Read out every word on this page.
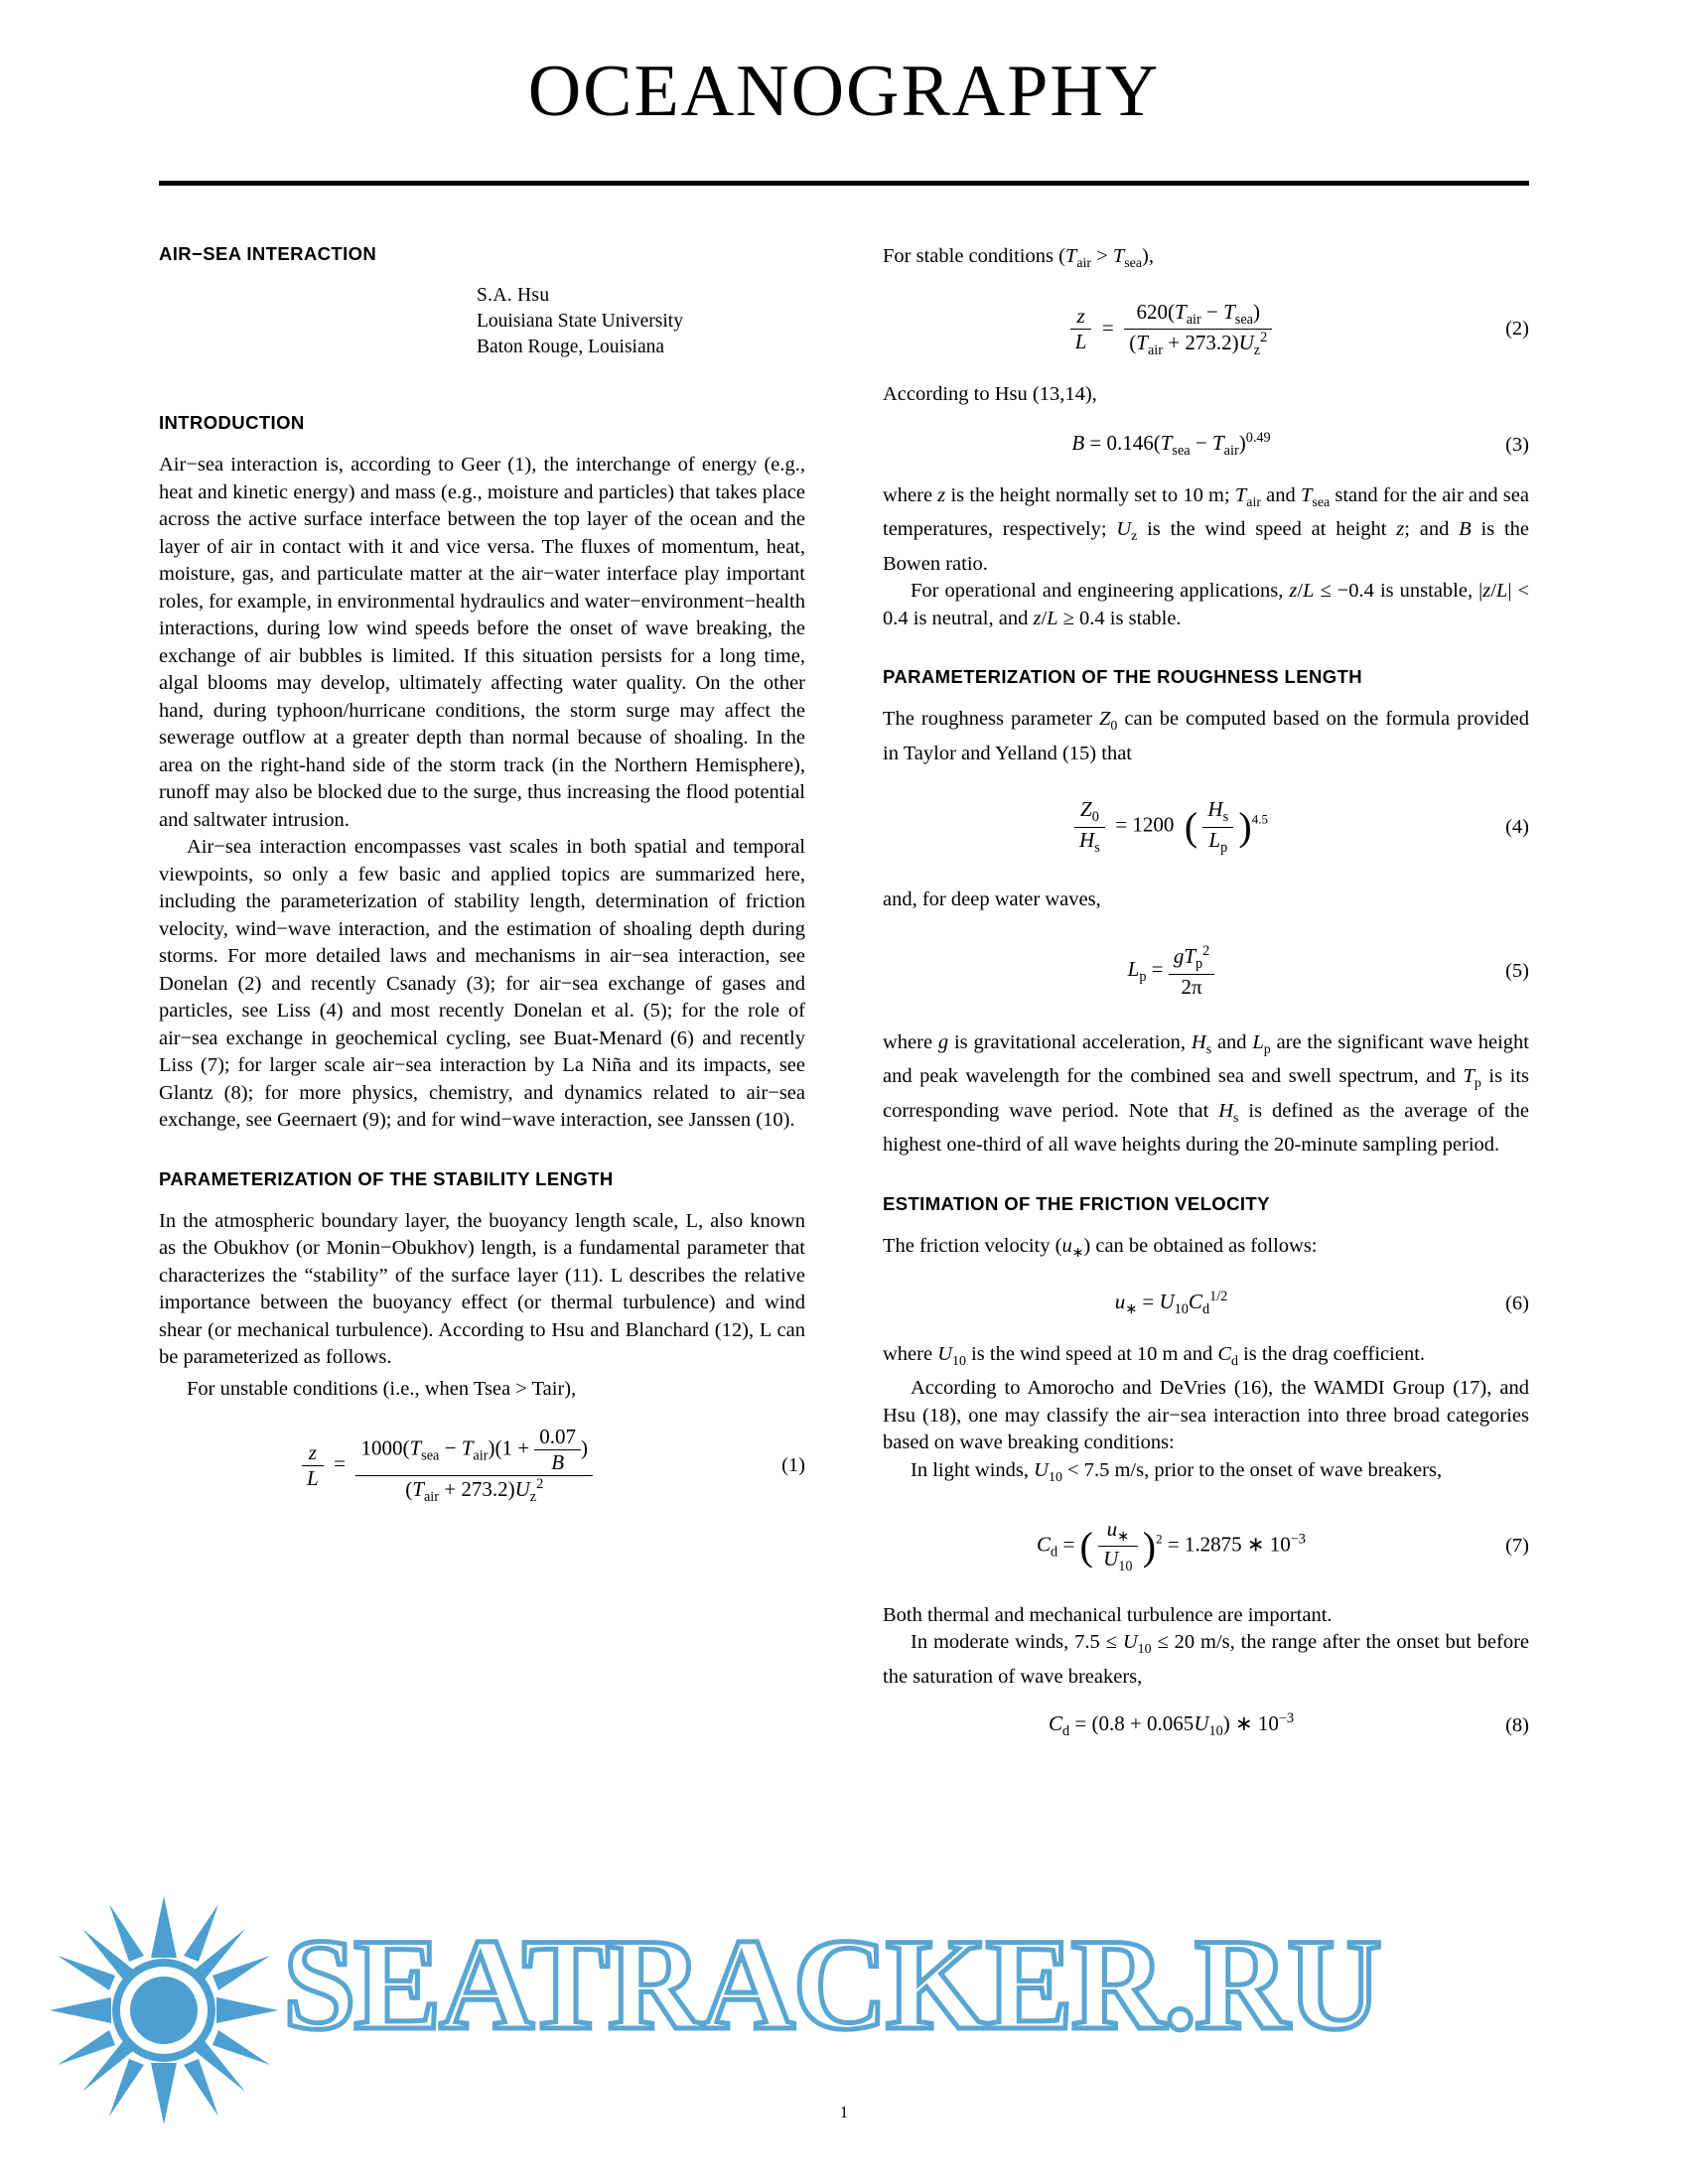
OCEANOGRAPHY
AIR−SEA INTERACTION
S.A. Hsu
Louisiana State University
Baton Rouge, Louisiana
INTRODUCTION

Air−sea interaction is, according to Geer (1), the interchange of energy (e.g., heat and kinetic energy) and mass (e.g., moisture and particles) that takes place across the active surface interface between the top layer of the ocean and the layer of air in contact with it and vice versa. The fluxes of momentum, heat, moisture, gas, and particulate matter at the air−water interface play important roles, for example, in environmental hydraulics and water−environment−health interactions, during low wind speeds before the onset of wave breaking, the exchange of air bubbles is limited. If this situation persists for a long time, algal blooms may develop, ultimately affecting water quality. On the other hand, during typhoon/hurricane conditions, the storm surge may affect the sewerage outflow at a greater depth than normal because of shoaling. In the area on the right-hand side of the storm track (in the Northern Hemisphere), runoff may also be blocked due to the surge, thus increasing the flood potential and saltwater intrusion.

Air−sea interaction encompasses vast scales in both spatial and temporal viewpoints, so only a few basic and applied topics are summarized here, including the parameterization of stability length, determination of friction velocity, wind−wave interaction, and the estimation of shoaling depth during storms. For more detailed laws and mechanisms in air−sea interaction, see Donelan (2) and recently Csanady (3); for air−sea exchange of gases and particles, see Liss (4) and most recently Donelan et al. (5); for the role of air−sea exchange in geochemical cycling, see Buat-Menard (6) and recently Liss (7); for larger scale air−sea interaction by La Niña and its impacts, see Glantz (8); for more physics, chemistry, and dynamics related to air−sea exchange, see Geernaert (9); and for wind−wave interaction, see Janssen (10).

PARAMETERIZATION OF THE STABILITY LENGTH

In the atmospheric boundary layer, the buoyancy length scale, L, also known as the Obukhov (or Monin−Obukhov) length, is a fundamental parameter that characterizes the “stability” of the surface layer (11). L describes the relative importance between the buoyancy effect (or thermal turbulence) and wind shear (or mechanical turbulence). According to Hsu and Blanchard (12), L can be parameterized as follows.

For unstable conditions (i.e., when Tsea > Tair),

$\frac{z}{L} = \frac{1000(T_{sea} - T_{air})(1 + \frac{0.07}{B} )}{(T_{air} + 273.2)U_z^2}$	(1)

For stable conditions $(T_{air} > T_{sea})$,

$\frac{z}{L} = \frac{620(T_{air} - T_{sea})}{(T_{air} + 273.2)U_z^2}$	(2)

According to Hsu (13,14),

$B = 0.146(T_{sea} - T_{air})^{0.49}$	(3)

where z is the height normally set to 10 m; $T_{air}$ and $T_{sea}$ stand for the air and sea temperatures, respectively; $U_z$ is the wind speed at height z; and B is the Bowen ratio.

For operational and engineering applications, z/L ≤ −0.4 is unstable, |z/L| < 0.4 is neutral, and z/L ≥ 0.4 is stable.

PARAMETERIZATION OF THE ROUGHNESS LENGTH

The roughness parameter $Z_0$ can be computed based on the formula provided in Taylor and Yelland (15) that

$\frac{Z_0}{H_s} = 1200$  ( $\frac{H_s}{L_p} )^{4.5}$	(4)

and, for deep water waves,

$L_p = \frac{gT_p^2}{2\pi}$	(5)

where g is gravitational acceleration, $H_s$ and $L_p$ are the significant wave height and peak wavelength for the combined sea and swell spectrum, and $T_p$ is its corresponding wave period. Note that $H_s$ is defined as the average of the highest one-third of all wave heights during the 20-minute sampling period.

ESTIMATION OF THE FRICTION VELOCITY

The friction velocity $(u_∗)$ can be obtained as follows:

$u_∗ = U_{10}C_d^{1/2}$	(6)

where $U_{10}$ is the wind speed at 10 m and $C_d$ is the drag coefficient.

According to Amorocho and DeVries (16), the WAMDI Group (17), and Hsu (18), one may classify the air−sea interaction into three broad categories based on wave breaking conditions:

In light winds, $U_{10} < 7.5$ m/s, prior to the onset of wave breakers,

$C_d$ = ( $\frac{u_∗}{U_{10}} )^2 = 1.2875$ ∗ $10^{-3}$	(7)

Both thermal and mechanical turbulence are important.

In moderate winds, $7.5 \le U_{10} \le 20$ m/s, the range after the onset but before the saturation of wave breakers,

$C_d = (0.8 + 0.065U_{10})$ ∗ $10^{-3}$	(8)
1
SEATRACKER.RU
